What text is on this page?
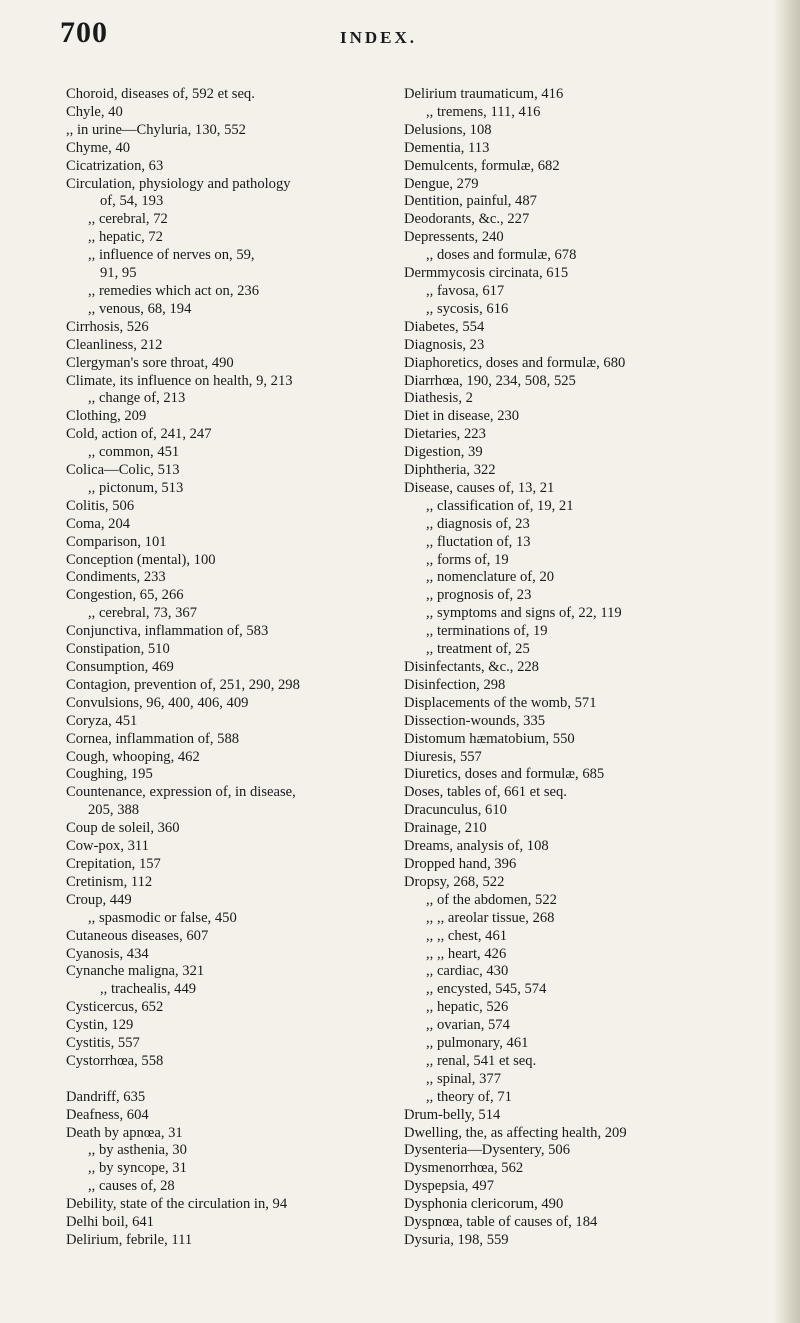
700	INDEX.
Choroid, diseases of, 592 et seq.
Chyle, 40
,, in urine—Chyluria, 130, 552
Chyme, 40
Cicatrization, 63
Circulation, physiology and pathology
of, 54, 193
,, cerebral, 72
,, hepatic, 72
,, influence of nerves on, 59,
91, 95
,, remedies which act on, 236
,, venous, 68, 194
Cirrhosis, 526
Cleanliness, 212
Clergyman's sore throat, 490
Climate, its influence on health, 9, 213
,, change of, 213
Clothing, 209
Cold, action of, 241, 247
,, common, 451
Colica—Colic, 513
,, pictonum, 513
Colitis, 506
Coma, 204
Comparison, 101
Conception (mental), 100
Condiments, 233
Congestion, 65, 266
,, cerebral, 73, 367
Conjunctiva, inflammation of, 583
Constipation, 510
Consumption, 469
Contagion, prevention of, 251, 290, 298
Convulsions, 96, 400, 406, 409
Coryza, 451
Cornea, inflammation of, 588
Cough, whooping, 462
Coughing, 195
Countenance, expression of, in disease,
205, 388
Coup de soleil, 360
Cow-pox, 311
Crepitation, 157
Cretinism, 112
Croup, 449
,, spasmodic or false, 450
Cutaneous diseases, 607
Cyanosis, 434
Cynanche maligna, 321
,, trachealis, 449
Cysticercus, 652
Cystin, 129
Cystitis, 557
Cystorrhœa, 558
Dandriff, 635
Deafness, 604
Death by apnœa, 31
,, by asthenia, 30
,, by syncope, 31
,, causes of, 28
Debility, state of the circulation in, 94
Delhi boil, 641
Delirium, febrile, 111
Delirium traumaticum, 416
,, tremens, 111, 416
Delusions, 108
Dementia, 113
Demulcents, formulæ, 682
Dengue, 279
Dentition, painful, 487
Deodorants, &c., 227
Depressents, 240
,, doses and formulæ, 678
Dermmycosis circinata, 615
,, favosa, 617
,, sycosis, 616
Diabetes, 554
Diagnosis, 23
Diaphoretics, doses and formulæ, 680
Diarrhœa, 190, 234, 508, 525
Diathesis, 2
Diet in disease, 230
Dietaries, 223
Digestion, 39
Diphtheria, 322
Disease, causes of, 13, 21
,, classification of, 19, 21
,, diagnosis of, 23
,, fluctation of, 13
,, forms of, 19
,, nomenclature of, 20
,, prognosis of, 23
,, symptoms and signs of, 22, 119
,, terminations of, 19
,, treatment of, 25
Disinfectants, &c., 228
Disinfection, 298
Displacements of the womb, 571
Dissection-wounds, 335
Distomum hæmatobium, 550
Diuresis, 557
Diuretics, doses and formulæ, 685
Doses, tables of, 661 et seq.
Dracunculus, 610
Drainage, 210
Dreams, analysis of, 108
Dropped hand, 396
Dropsy, 268, 522
,, of the abdomen, 522
,, ,, areolar tissue, 268
,, ,, chest, 461
,, ,, heart, 426
,, cardiac, 430
,, encysted, 545, 574
,, hepatic, 526
,, ovarian, 574
,, pulmonary, 461
,, renal, 541 et seq.
,, spinal, 377
,, theory of, 71
Drum-belly, 514
Dwelling, the, as affecting health, 209
Dysenteria—Dysentery, 506
Dysmenorrhœa, 562
Dyspepsia, 497
Dysphonia clericorum, 490
Dyspnœa, table of causes of, 184
Dysuria, 198, 559
